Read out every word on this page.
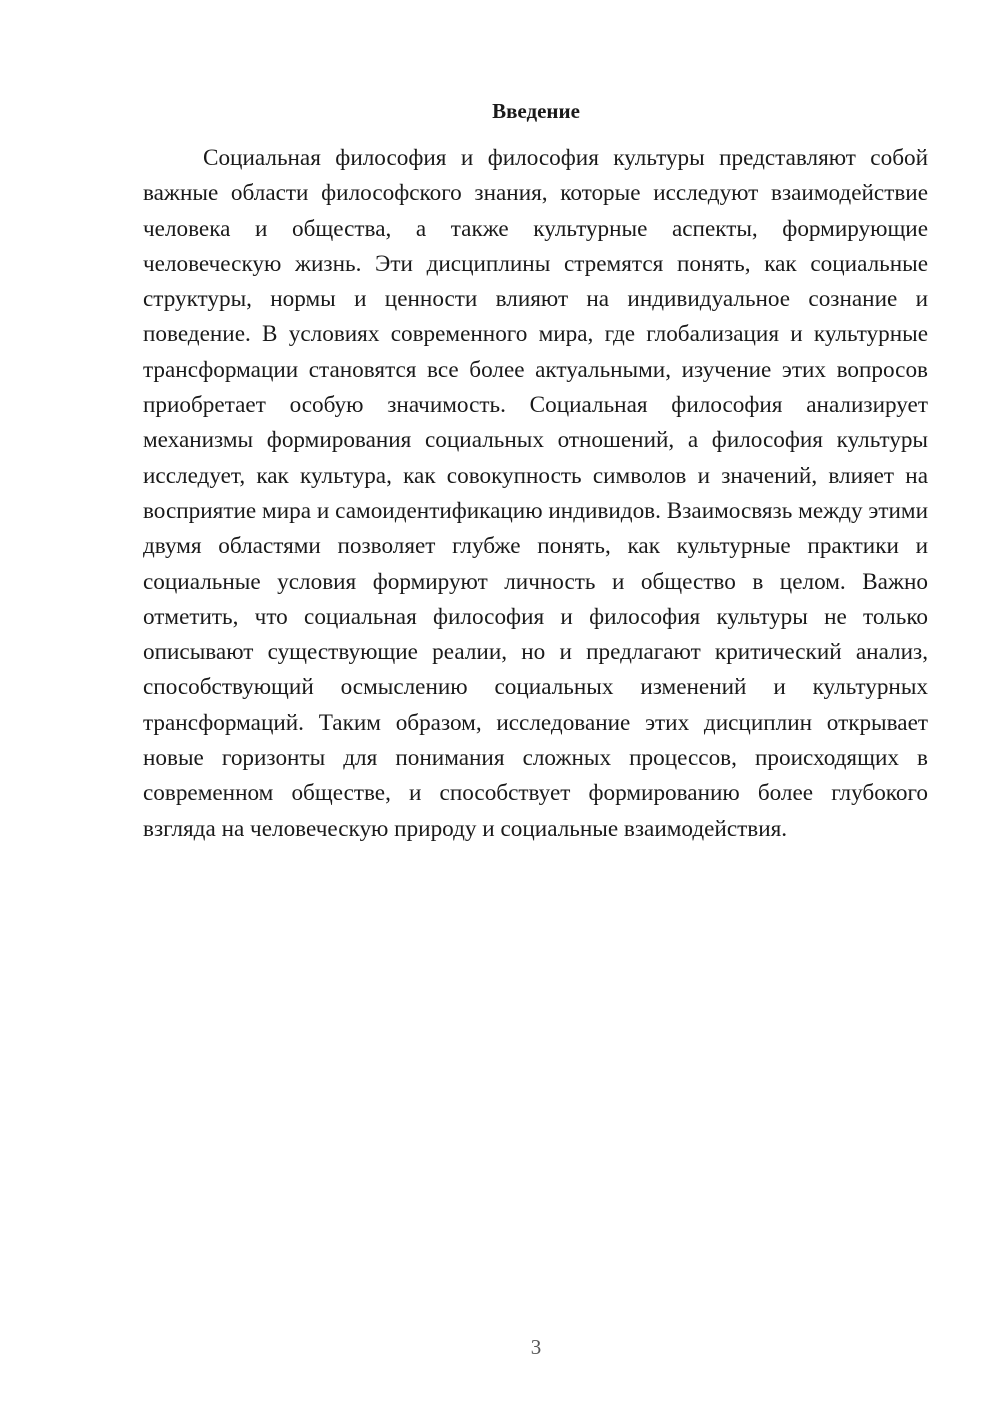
Введение

Социальная философия и философия культуры представляют собой важные области философского знания, которые исследуют взаимодействие человека и общества, а также культурные аспекты, формирующие человеческую жизнь. Эти дисциплины стремятся понять, как социальные структуры, нормы и ценности влияют на индивидуальное сознание и поведение. В условиях современного мира, где глобализация и культурные трансформации становятся все более актуальными, изучение этих вопросов приобретает особую значимость. Социальная философия анализирует механизмы формирования социальных отношений, а философия культуры исследует, как культура, как совокупность символов и значений, влияет на восприятие мира и самоидентификацию индивидов. Взаимосвязь между этими двумя областями позволяет глубже понять, как культурные практики и социальные условия формируют личность и общество в целом. Важно отметить, что социальная философия и философия культуры не только описывают существующие реалии, но и предлагают критический анализ, способствующий осмыслению социальных изменений и культурных трансформаций. Таким образом, исследование этих дисциплин открывает новые горизонты для понимания сложных процессов, происходящих в современном обществе, и способствует формированию более глубокого взгляда на человеческую природу и социальные взаимодействия.

3
